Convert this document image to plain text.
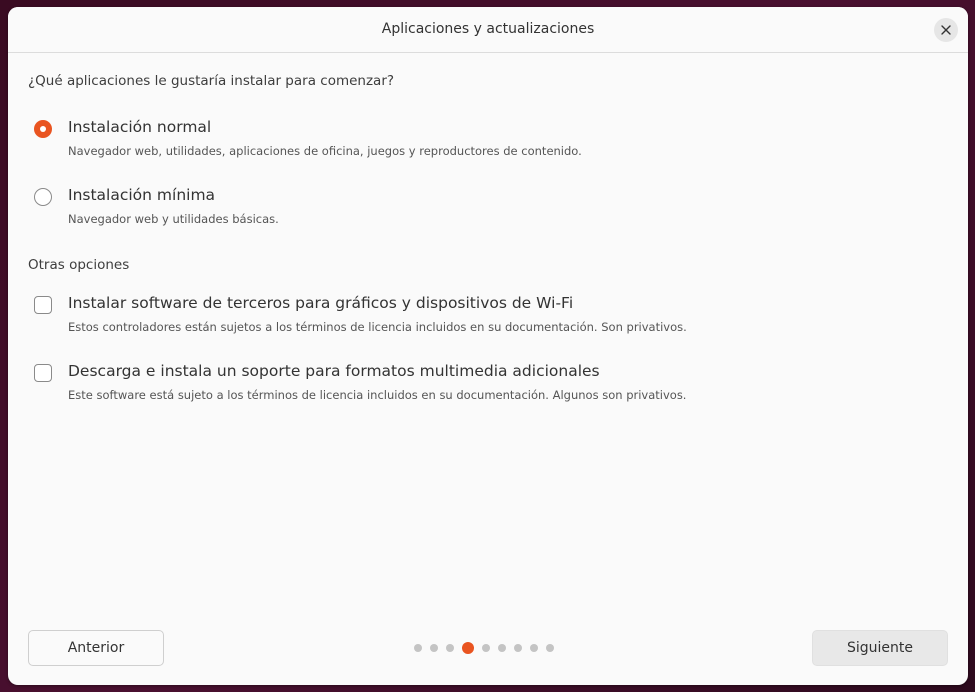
Aplicaciones y actualizaciones

¿Qué aplicaciones le gustaría instalar para comenzar?

Instalación normal
Navegador web, utilidades, aplicaciones de oficina, juegos y reproductores de contenido.
Instalación mínima
Navegador web y utilidades básicas.
Otras opciones
Instalar software de terceros para gráficos y dispositivos de Wi-Fi
Estos controladores están sujetos a los términos de licencia incluidos en su documentación. Son privativos.
Descarga e instala un soporte para formatos multimedia adicionales
Este software está sujeto a los términos de licencia incluidos en su documentación. Algunos son privativos.
Anterior	Siguiente
